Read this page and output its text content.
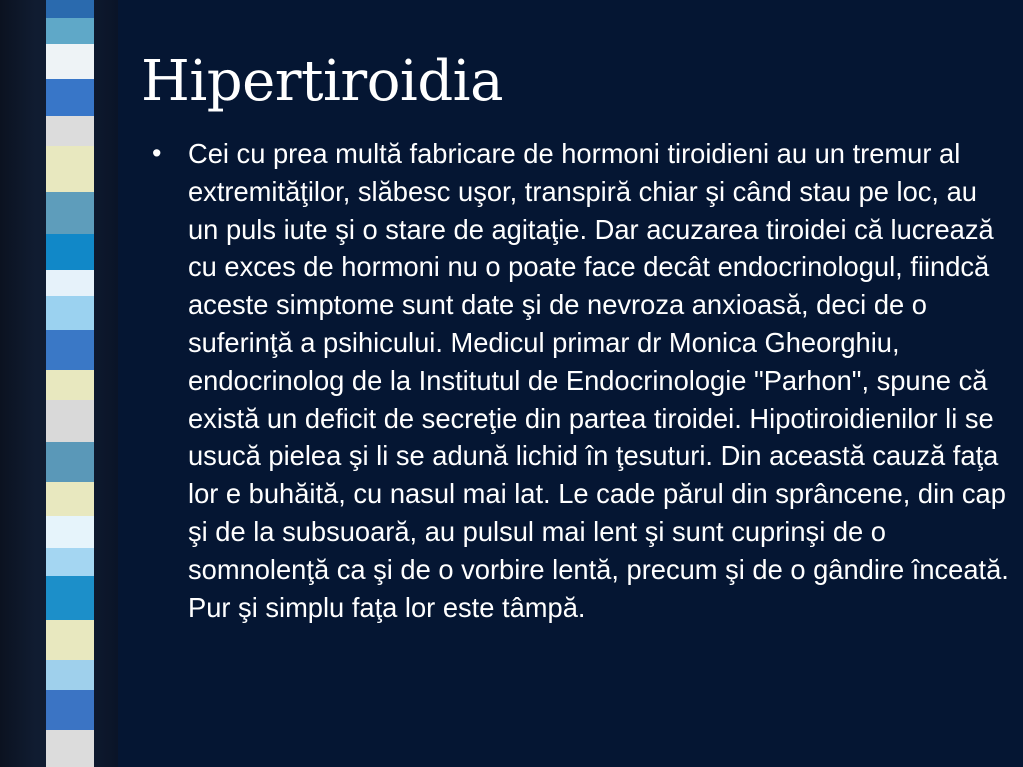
Hipertiroidia
• Cei cu prea multă fabricare de hormoni tiroidieni au un tremur al extremităţilor, slăbesc uşor, transpiră chiar şi când stau pe loc, au un puls iute şi o stare de agitaţie. Dar acuzarea tiroidei că lucrează cu exces de hormoni nu o poate face decât endocrinologul, fiindcă aceste simptome sunt date şi de nevroza anxioasă, deci de o suferinţă a psihicului. Medicul primar dr Monica Gheorghiu, endocrinolog de la Institutul de Endocrinologie "Parhon", spune că există un deficit de secreţie din partea tiroidei. Hipotiroidienilor li se usucă pielea şi li se adună lichid în ţesuturi. Din această cauză faţa lor e buhăită, cu nasul mai lat. Le cade părul din sprâncene, din cap şi de la subsuoară, au pulsul mai lent şi sunt cuprinşi de o somnolenţă ca şi de o vorbire lentă, precum şi de o gândire înceată. Pur şi simplu faţa lor este tâmpă.
